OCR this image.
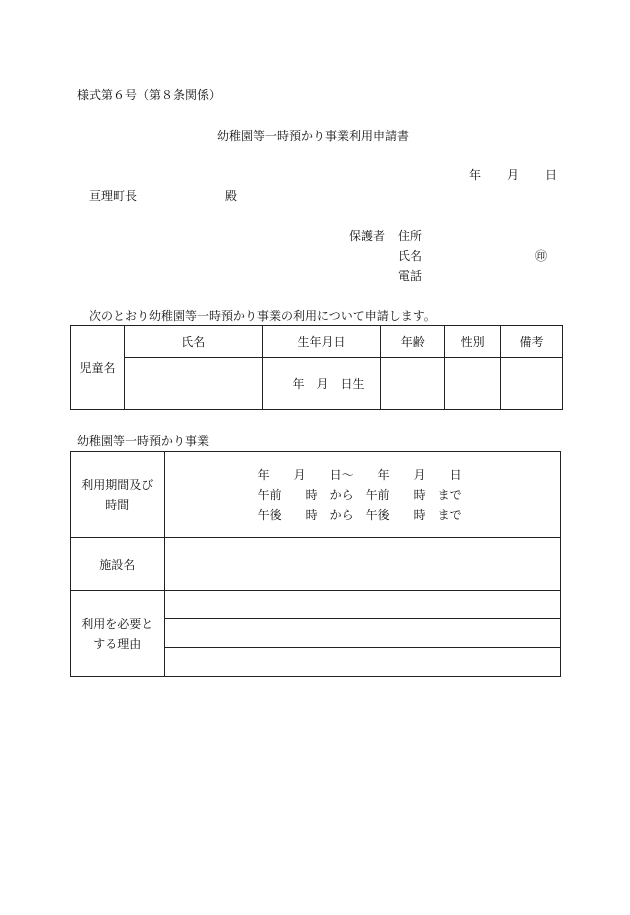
様式第６号（第８条関係）
幼稚園等一時預かり事業利用申請書
年 月 日
亘理町長	殿
保護者 住所
氏名	㊞
電話
次のとおり幼稚園等一時預かり事業の利用について申請します。
児童名	氏名	生年月日	年齢	性別	備考
		年　月　日生			
幼稚園等一時預かり事業
利用期間及び時間	年　　月　　日～　　年　　月　　日
午前　　時　から　午前　　時　まで
午後　　時　から　午後　　時　まで

施設名	
利用を必要とする理由	
